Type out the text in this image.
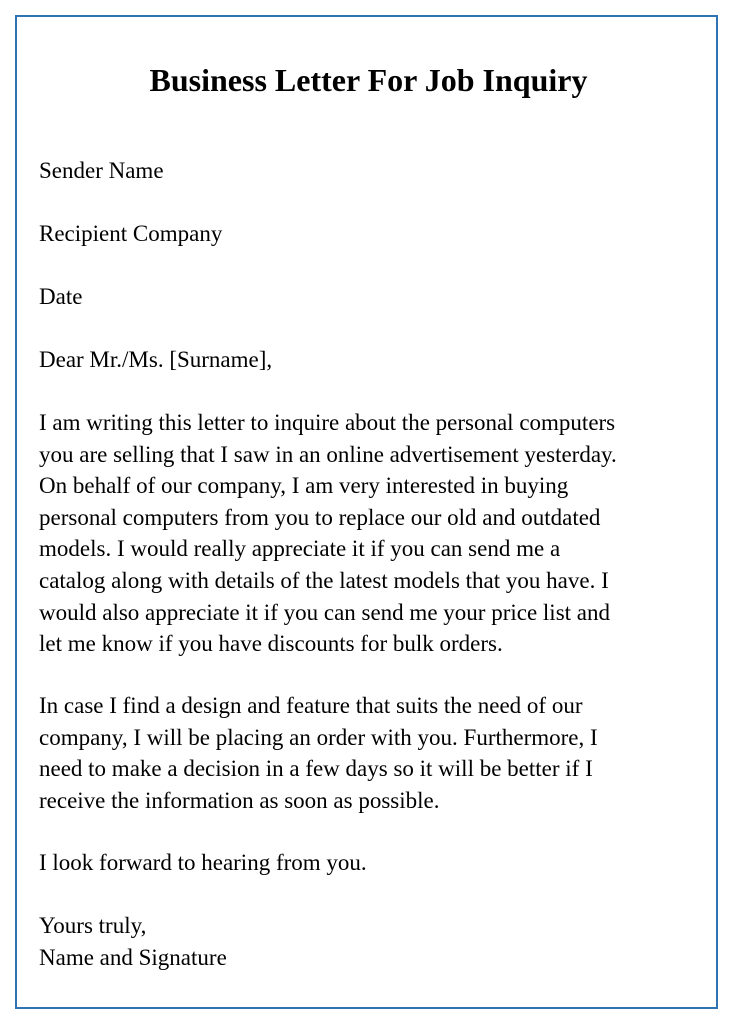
Business Letter For Job Inquiry

Sender Name

Recipient Company

Date

Dear Mr./Ms. [Surname],

I am writing this letter to inquire about the personal computers
you are selling that I saw in an online advertisement yesterday.
On behalf of our company, I am very interested in buying
personal computers from you to replace our old and outdated
models. I would really appreciate it if you can send me a
catalog along with details of the latest models that you have. I
would also appreciate it if you can send me your price list and
let me know if you have discounts for bulk orders.
In case I find a design and feature that suits the need of our
company, I will be placing an order with you. Furthermore, I
need to make a decision in a few days so it will be better if I
receive the information as soon as possible.

I look forward to hearing from you.

Yours truly,
Name and Signature
